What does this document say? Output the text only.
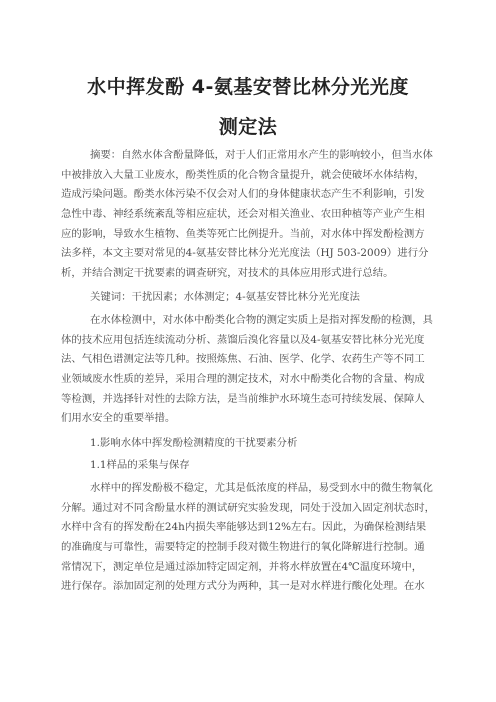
水中挥发酚 4-氨基安替比林分光光度
测定法
摘要：自然水体含酚量降低，对于人们正常用水产生的影响较小，但当水体
中被排放入大量工业废水，酚类性质的化合物含量提升，就会使破坏水体结构，
造成污染问题。酚类水体污染不仅会对人们的身体健康状态产生不利影响，引发
急性中毒、神经系统紊乱等相应症状，还会对相关渔业、农田种植等产业产生相
应的影响，导致水生植物、鱼类等死亡比例提升。当前，对水体中挥发酚检测方
法多样，本文主要对常见的4-氨基安替比林分光光度法（HJ 503-2009）进行分
析，并结合测定干扰要素的调查研究，对技术的具体应用形式进行总结。
关键词：干扰因素；水体测定；4-氨基安替比林分光光度法
在水体检测中，对水体中酚类化合物的测定实质上是指对挥发酚的检测，具
体的技术应用包括连续流动分析、蒸馏后溴化容量以及4-氨基安替比林分光光度
法、气相色谱测定法等几种。按照炼焦、石油、医学、化学、农药生产等不同工
业领域废水性质的差异，采用合理的测定技术，对水中酚类化合物的含量、构成
等检测，并选择针对性的去除方法，是当前维护水环境生态可持续发展、保障人
们用水安全的重要举措。
1.影响水体中挥发酚检测精度的干扰要素分析
1.1样品的采集与保存
水样中的挥发酚极不稳定，尤其是低浓度的样品，易受到水中的微生物氧化
分解。通过对不同含酚量水样的测试研究实验发现，同处于没加入固定剂状态时，
水样中含有的挥发酚在24h内损失率能够达到12%左右。因此，为确保检测结果
的准确度与可靠性，需要特定的控制手段对微生物进行的氧化降解进行控制。通
常情况下，测定单位是通过添加特定固定剂，并将水样放置在4℃温度环境中，
进行保存。添加固定剂的处理方式分为两种，其一是对水样进行酸化处理。在水
